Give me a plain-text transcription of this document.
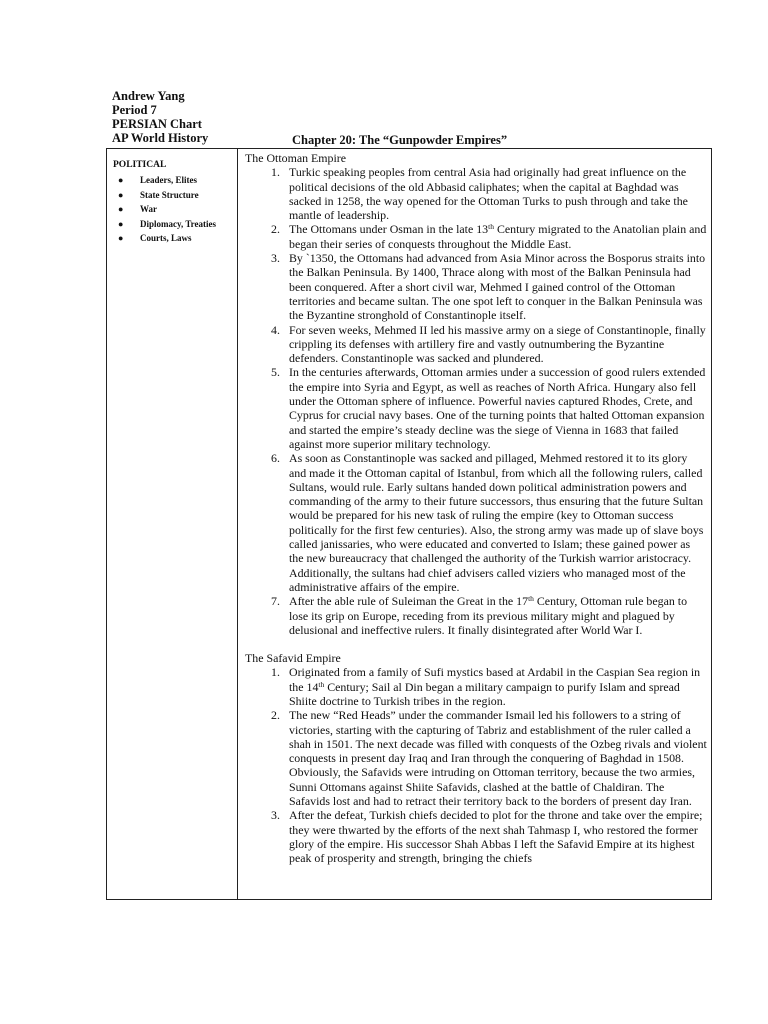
Andrew Yang
Period 7
PERSIAN Chart
AP World History	Chapter 20: The “Gunpowder Empires”
POLITICAL
● Leaders, Elites
● State Structure
● War
● Diplomacy, Treaties
● Courts, Laws
The Ottoman Empire
1. Turkic speaking peoples from central Asia had originally had great influence on the political decisions of the old Abbasid caliphates; when the capital at Baghdad was sacked in 1258, the way opened for the Ottoman Turks to push through and take the mantle of leadership.
2. The Ottomans under Osman in the late 13th Century migrated to the Anatolian plain and began their series of conquests throughout the Middle East.
3. By `1350, the Ottomans had advanced from Asia Minor across the Bosporus straits into the Balkan Peninsula. By 1400, Thrace along with most of the Balkan Peninsula had been conquered. After a short civil war, Mehmed I gained control of the Ottoman territories and became sultan. The one spot left to conquer in the Balkan Peninsula was the Byzantine stronghold of Constantinople itself.
4. For seven weeks, Mehmed II led his massive army on a siege of Constantinople, finally crippling its defenses with artillery fire and vastly outnumbering the Byzantine defenders. Constantinople was sacked and plundered.
5. In the centuries afterwards, Ottoman armies under a succession of good rulers extended the empire into Syria and Egypt, as well as reaches of North Africa. Hungary also fell under the Ottoman sphere of influence. Powerful navies captured Rhodes, Crete, and Cyprus for crucial navy bases. One of the turning points that halted Ottoman expansion and started the empire’s steady decline was the siege of Vienna in 1683 that failed against more superior military technology.
6. As soon as Constantinople was sacked and pillaged, Mehmed restored it to its glory and made it the Ottoman capital of Istanbul, from which all the following rulers, called Sultans, would rule. Early sultans handed down political administration powers and commanding of the army to their future successors, thus ensuring that the future Sultan would be prepared for his new task of ruling the empire (key to Ottoman success politically for the first few centuries). Also, the strong army was made up of slave boys called janissaries, who were educated and converted to Islam; these gained power as the new bureaucracy that challenged the authority of the Turkish warrior aristocracy. Additionally, the sultans had chief advisers called viziers who managed most of the administrative affairs of the empire.
7. After the able rule of Suleiman the Great in the 17th Century, Ottoman rule began to lose its grip on Europe, receding from its previous military might and plagued by delusional and ineffective rulers. It finally disintegrated after World War I.
The Safavid Empire
1. Originated from a family of Sufi mystics based at Ardabil in the Caspian Sea region in the 14th Century; Sail al Din began a military campaign to purify Islam and spread Shiite doctrine to Turkish tribes in the region.
2. The new “Red Heads” under the commander Ismail led his followers to a string of victories, starting with the capturing of Tabriz and establishment of the ruler called a shah in 1501. The next decade was filled with conquests of the Ozbeg rivals and violent conquests in present day Iraq and Iran through the conquering of Baghdad in 1508. Obviously, the Safavids were intruding on Ottoman territory, because the two armies, Sunni Ottomans against Shiite Safavids, clashed at the battle of Chaldiran. The Safavids lost and had to retract their territory back to the borders of present day Iran.
3. After the defeat, Turkish chiefs decided to plot for the throne and take over the empire; they were thwarted by the efforts of the next shah Tahmasp I, who restored the former glory of the empire. His successor Shah Abbas I left the Safavid Empire at its highest peak of prosperity and strength, bringing the chiefs
